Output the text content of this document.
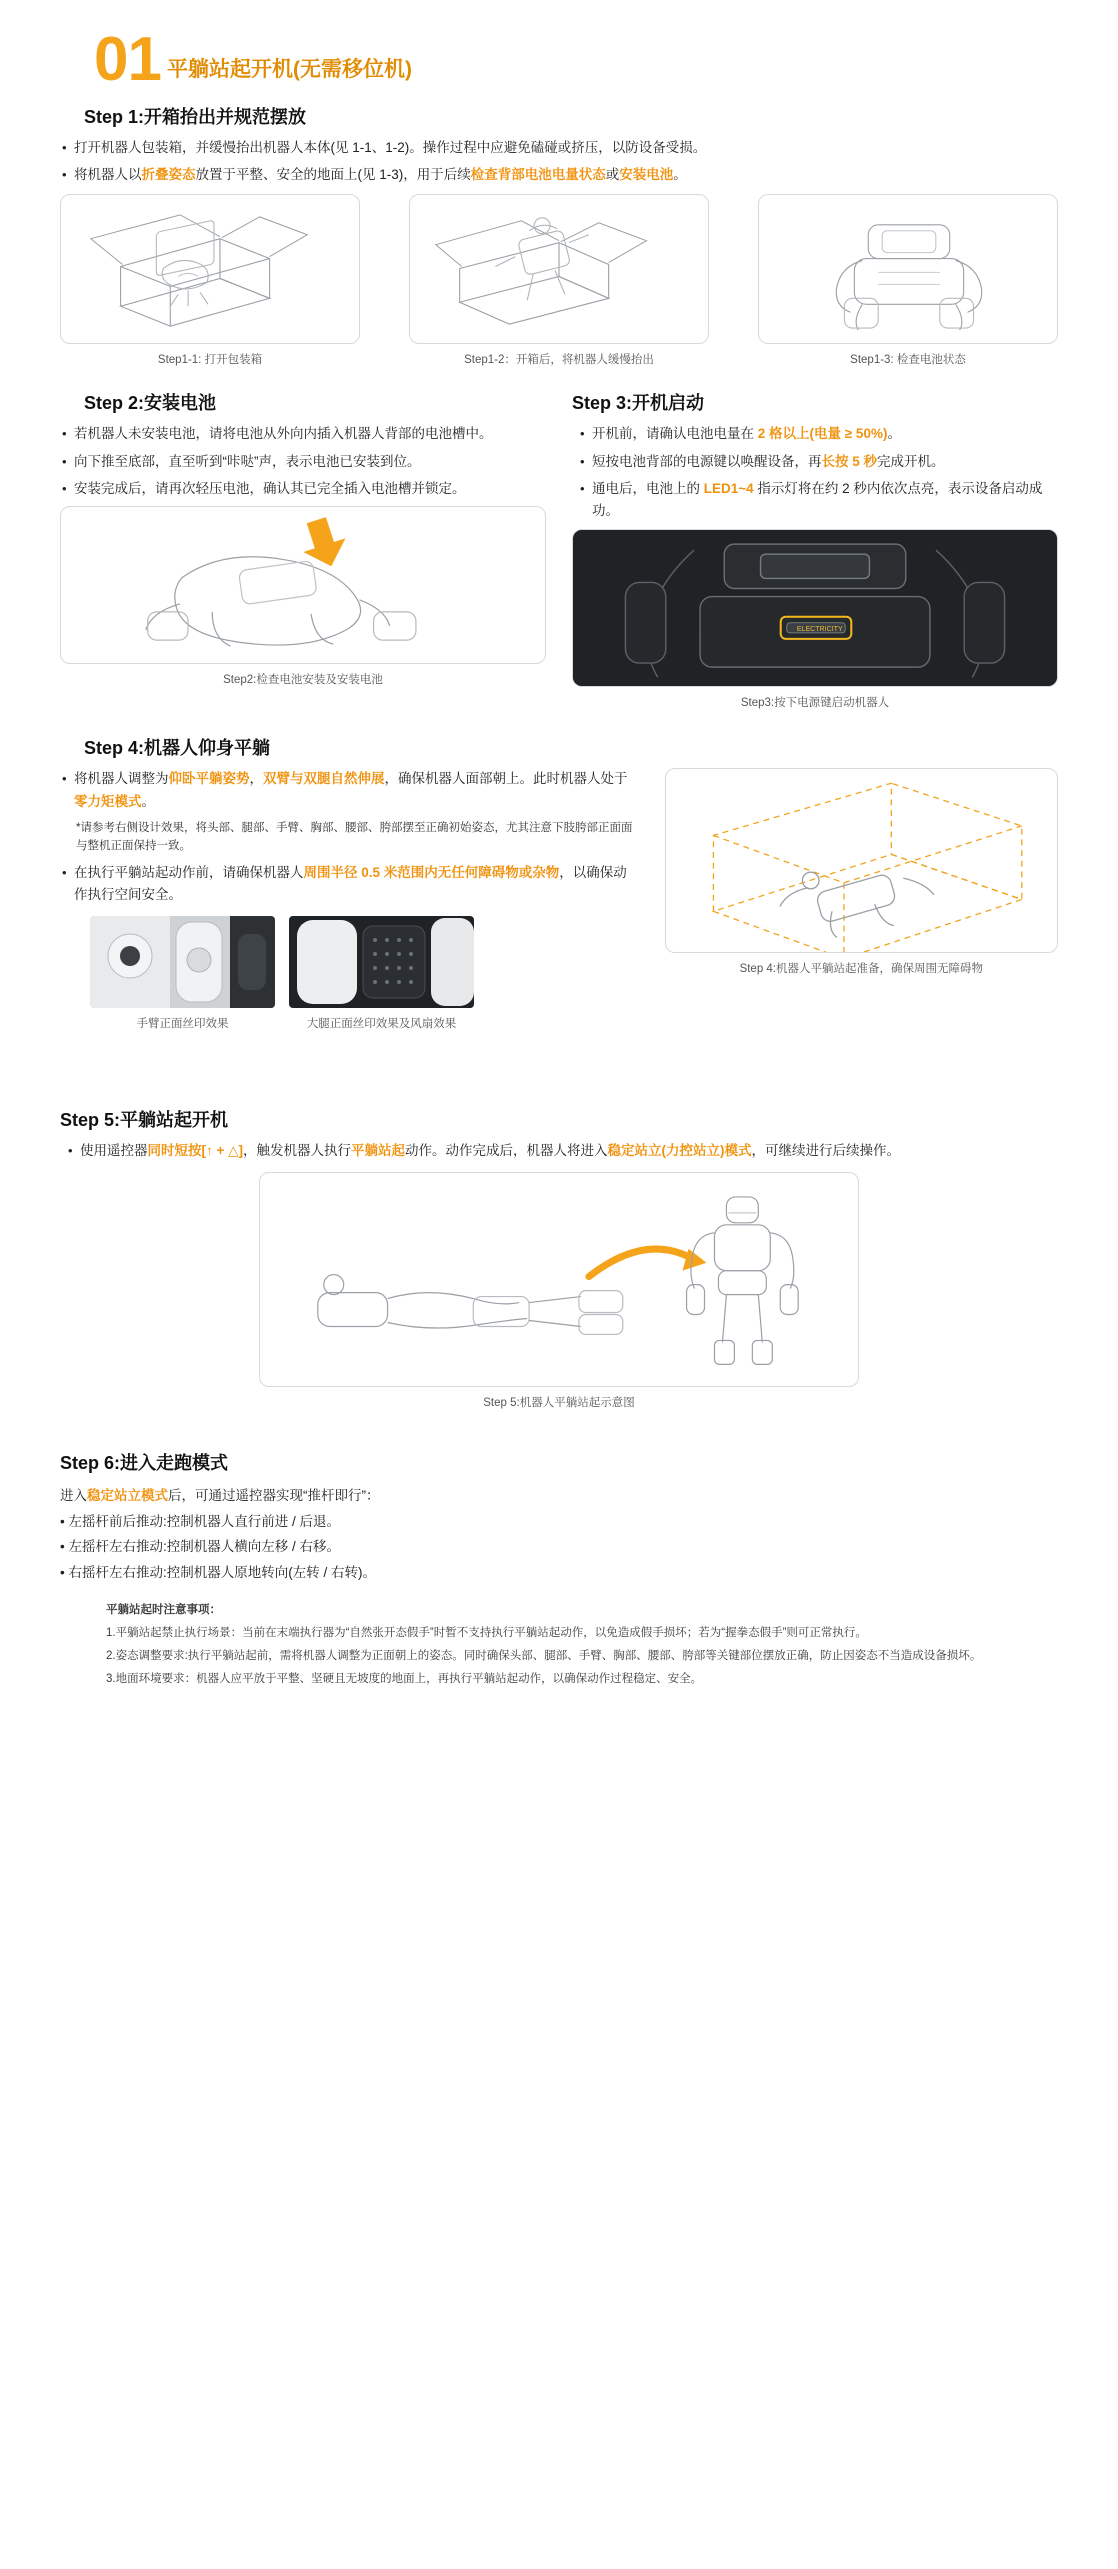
01 平躺站起开机(无需移位机)
Step 1:开箱抬出并规范摆放
• 打开机器人包装箱，并缓慢抬出机器人本体(见 1-1、1-2)。操作过程中应避免磕碰或挤压，以防设备受损。
• 将机器人以折叠姿态放置于平整、安全的地面上(见 1-3)，用于后续检查背部电池电量状态或安装电池。
Step1-1: 打开包装箱	Step1-2：开箱后，将机器人缓慢抬出	Step1-3: 检查电池状态
Step 2:安装电池
• 若机器人未安装电池，请将电池从外向内插入机器人背部的电池槽中。
• 向下推至底部，直至听到“咔哒”声，表示电池已安装到位。
• 安装完成后，请再次轻压电池，确认其已完全插入电池槽并锁定。
Step2:检查电池安装及安装电池
Step 3:开机启动
• 开机前，请确认电池电量在 2 格以上(电量 ≥ 50%)。
• 短按电池背部的电源键以唤醒设备，再长按 5 秒完成开机。
• 通电后，电池上的 LED1~4 指示灯将在约 2 秒内依次点亮，表示设备启动成功。
ELECTRICITY
Step3:按下电源键启动机器人
Step 4:机器人仰身平躺
• 将机器人调整为仰卧平躺姿势，双臂与双腿自然伸展，确保机器人面部朝上。此时机器人处于零力矩模式。
*请参考右侧设计效果，将头部、腿部、手臂、胸部、腰部、胯部摆至正确初始姿态，尤其注意下肢胯部正面面与整机正面保持一致。
• 在执行平躺站起动作前，请确保机器人周围半径 0.5 米范围内无任何障碍物或杂物，以确保动作执行空间安全。
手臂正面丝印效果	大腿正面丝印效果及风扇效果
Step 4:机器人平躺站起准备，确保周围无障碍物
Step 5:平躺站起开机
• 使用遥控器同时短按[↑ + △]，触发机器人执行平躺站起动作。动作完成后，机器人将进入稳定站立(力控站立)模式，可继续进行后续操作。
Step 5:机器人平躺站起示意图
Step 6:进入走跑模式
进入稳定站立模式后，可通过遥控器实现“推杆即行”：
• 左摇杆前后推动:控制机器人直行前进 / 后退。
• 左摇杆左右推动:控制机器人横向左移 / 右移。
• 右摇杆左右推动:控制机器人原地转向(左转 / 右转)。
平躺站起时注意事项：

1.平躺站起禁止执行场景：当前在末端执行器为“自然张开态假手”时暂不支持执行平躺站起动作，以免造成假手损坏；若为“握拳态假手”则可正常执行。

2.姿态调整要求:执行平躺站起前，需将机器人调整为正面朝上的姿态。同时确保头部、腿部、手臂、胸部、腰部、胯部等关键部位摆放正确，防止因姿态不当造成设备损坏。

3.地面环境要求：机器人应平放于平整、坚硬且无坡度的地面上，再执行平躺站起动作，以确保动作过程稳定、安全。
